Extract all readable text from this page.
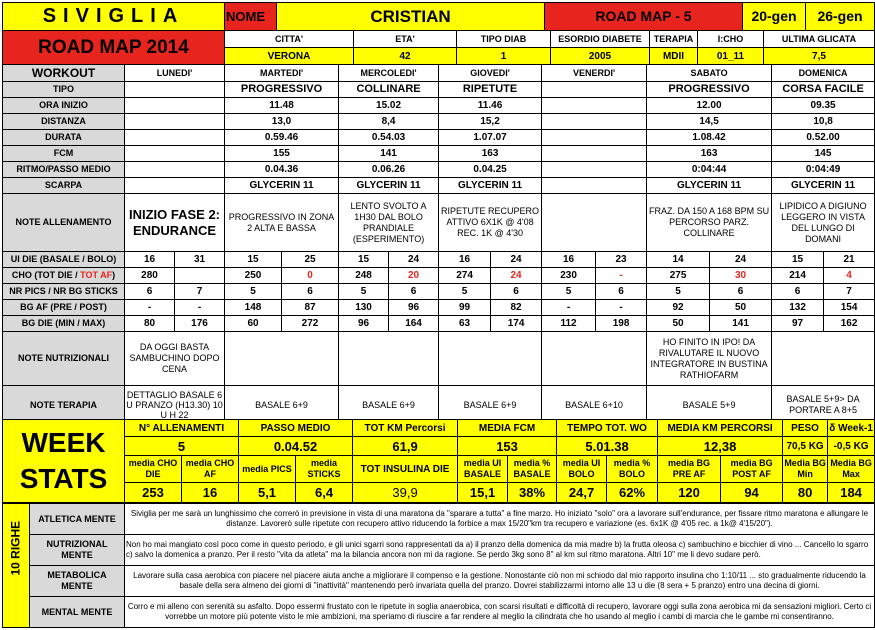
SIVIGLIA	NOME	CRISTIAN	ROAD MAP - 5	20-gen	26-gen
ROAD MAP 2014	CITTA'	ETA'	TIPO DIAB	ESORDIO DIABETE	TERAPIA	I:CHO	ULTIMA GLICATA
	VERONA	42	1	2005	MDII	01_11	7,5
WORKOUT	LUNEDI'		MARTEDI'		MERCOLEDI'		GIOVEDI'		VENERDI'		SABATO		DOMENICA	
TIPO			PROGRESSIVO		COLLINARE		RIPETUTE				PROGRESSIVO		CORSA FACILE	
ORA INIZIO			11.48		15.02		11.46				12.00		09.35	
DISTANZA			13,0		8,4		15,2				14,5		10,8	
DURATA			0.59.46		0.54.03		1.07.07				1.08.42		0.52.00	
FCM			155		141		163				163		145	
RITMO/PASSO MEDIO			0.04.36		0.06.26		0.04.25				0:04:44		0:04:49	
SCARPA			GLYCERIN 11		GLYCERIN 11		GLYCERIN 11				GLYCERIN 11		GLYCERIN 11	
NOTE ALLENAMENTO	INIZIO FASE 2: ENDURANCE		PROGRESSIVO IN ZONA 2 ALTA E BASSA		LENTO SVOLTO A 1H30 DAL BOLO PRANDIALE (ESPERIMENTO)		RIPETUTE RECUPERO ATTIVO 6X1K @ 4'08 REC. 1K @ 4'30				FRAZ. DA 150 A 168 BPM SU PERCORSO PARZ. COLLINARE		LIPIDICO A DIGIUNO LEGGERO IN VISTA DEL LUNGO DI DOMANI	
UI DIE (BASALE / BOLO)	16	31	15	25	15	24	16	24	16	23	14	24	15	21
CHO (TOT DIE / TOT AF)	280		250	0	248	20	274	24	230	-	275	30	214	4
NR PICS / NR BG STICKS	6	7	5	6	5	6	5	6	5	6	5	6	6	7
BG AF (PRE / POST)	-	-	148	87	130	96	99	82	-	-	92	50	132	154
BG DIE (MIN / MAX)	80	176	60	272	96	164	63	174	112	198	50	141	97	162
NOTE NUTRIZIONALI	DA OGGI BASTA SAMBUCHINO DOPO CENA										HO FINITO IN IPO! DA RIVALUTARE IL NUOVO INTEGRATORE IN BUSTINA RATHIOFARM			
NOTE TERAPIA	DETTAGLIO BASALE 6 U PRANZO (H13.30) 10 U H 22		BASALE 6+9		BASALE 6+9		BASALE 6+9		BASALE 6+10		BASALE 5+9		BASALE 5+9> DA PORTARE A 8+5	
WEEK
STATS	N° ALLENAMENTI		PASSO MEDIO		TOT KM Percorsi	MEDIA FCM		TEMPO TOT. WO		MEDIA KM PERCORSI		PESO	δ Week-1
	5		0.04.52		61,9	153		5.01.38		12,38		70,5 KG	-0,5 KG
	media CHO DIE	media CHO AF	media PICS	media STICKS	TOT INSULINA DIE	media UI BASALE	media % BASALE	media UI BOLO	media % BOLO	media BG PRE AF	media BG POST AF	Media BG Min	Media BG Max
	253	16	5,1	6,4	39,9	15,1	38%	24,7	62%	120	94	80	184
10 RIGHE	ATLETICA MENTE	Siviglia per me sarà un lunghissimo che correrò in previsione in vista di una maratona da "sparare a tutta" a fine marzo. Ho iniziato "solo" ora a lavorare sull'endurance, per fissare ritmo maratona e allungare le distanze. Lavorerò sulle ripetute con recupero attivo riducendo la forbice a max 15/20"km tra recupero e variazione (es. 6x1K @ 4'05 rec. a 1k@ 4'15/20").
	NUTRIZIONAL MENTE	Non ho mai mangiato così poco come in questo periodo, e gli unici sgarri sono rappresentati da a) il pranzo della domenica da mia madre b) la frutta oleosa c) sambuchino e bicchier di vino ... Cancello lo sgarro c) salvo la domenica a pranzo. Per il resto "vita da atleta" ma la bilancia ancora non mi da ragione. Se perdo 3kg sono 8" al km sul ritmo maratona. Altri 10" me li devo sudare però.
	METABOLICA MENTE	Lavorare sulla casa aerobica con piacere nel piacere aiuta anche a migliorare il compenso e la gestione. Nonostante ciò non mi schiodo dal mio rapporto insulina cho 1:10/11 ... sto gradualmente riducendo la basale della sera almeno dei giorni di "inattività" mantenendo però invariata quella del pranzo. Dovrei stabilizzarmi intorno alle 13 u die (8 sera + 5 pranzo) entro una decina di giorni.
	MENTAL MENTE	Corro e mi alleno con serenità su asfalto. Dopo essermi frustato con le ripetute in soglia anaerobica, con scarsi risultati e difficoltà di recupero, lavorare oggi sulla zona aerobica mi da sensazioni migliori. Certo ci vorrebbe un motore più potente visto le mie ambizioni, ma speriamo di riuscire a far rendere al meglio la cilindrata che ho usando al meglio i cambi di marcia che le gambe mi consentiranno.
